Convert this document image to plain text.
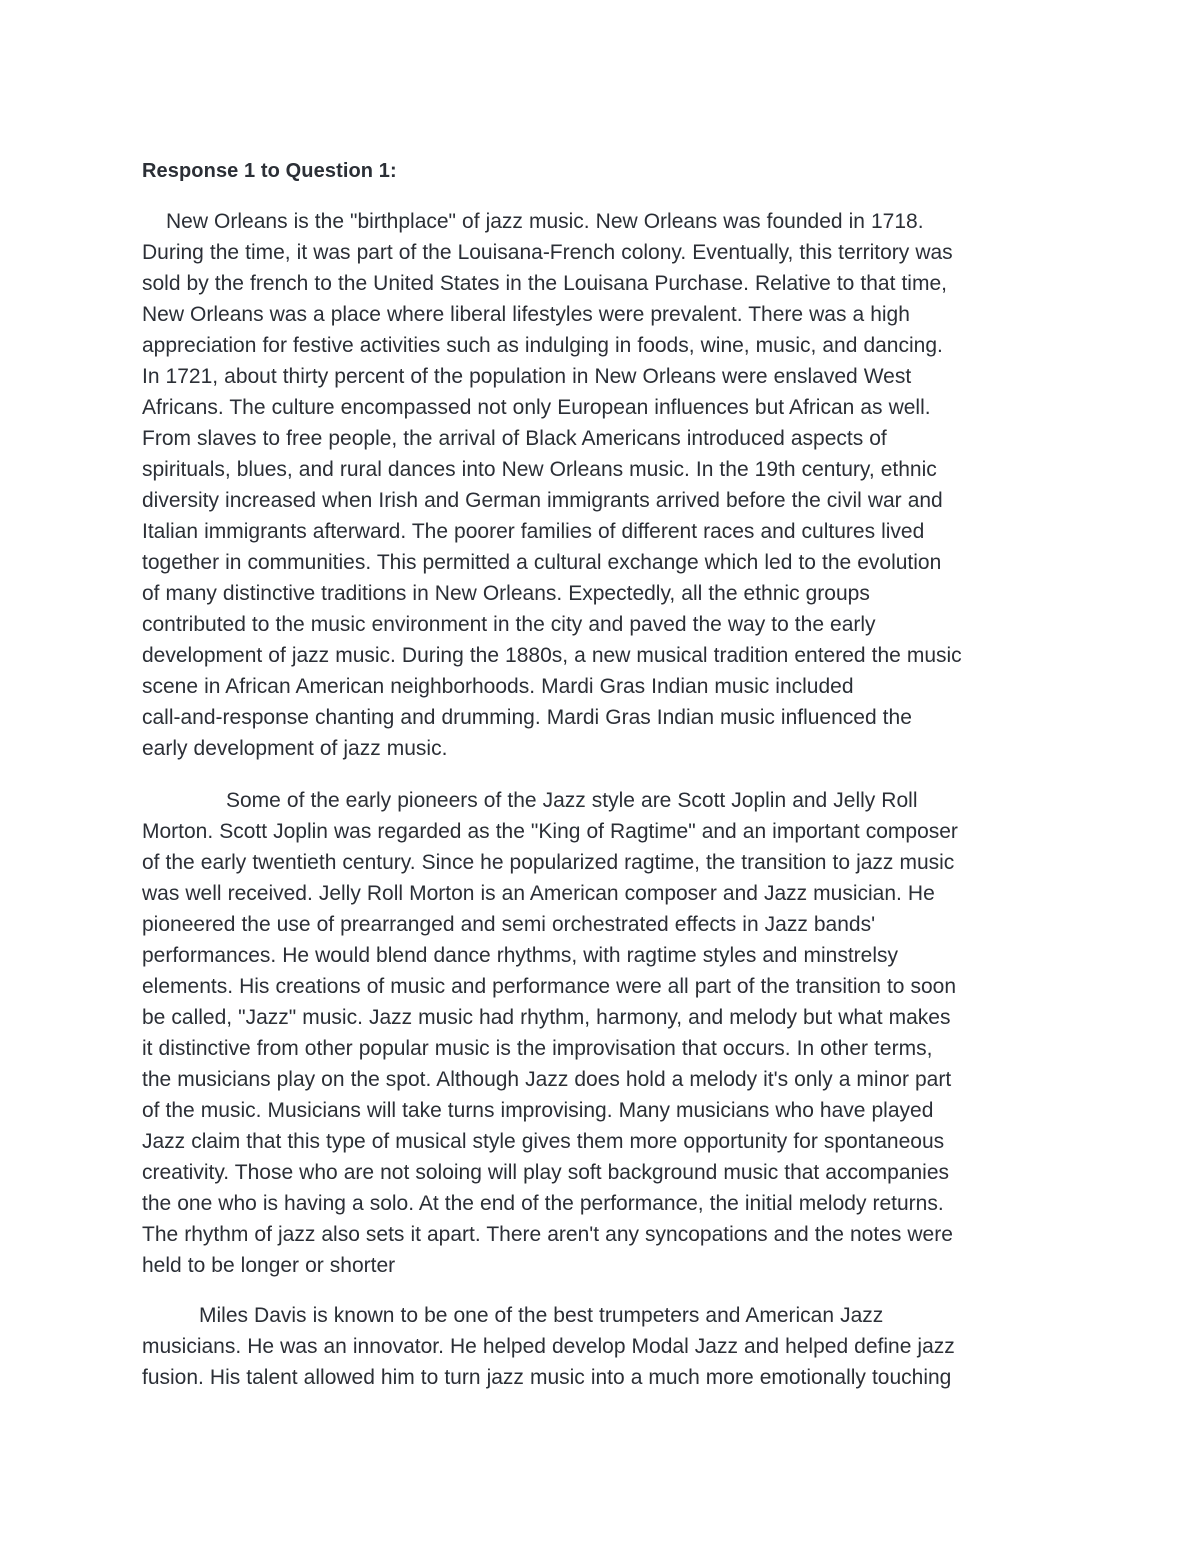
Response 1 to Question 1:

New Orleans is the "birthplace" of jazz music. New Orleans was founded in 1718.
During the time, it was part of the Louisana-French colony. Eventually, this territory was
sold by the french to the United States in the Louisana Purchase. Relative to that time,
New Orleans was a place where liberal lifestyles were prevalent. There was a high
appreciation for festive activities such as indulging in foods, wine, music, and dancing.
In 1721, about thirty percent of the population in New Orleans were enslaved West
Africans. The culture encompassed not only European influences but African as well.
From slaves to free people, the arrival of Black Americans introduced aspects of
spirituals, blues, and rural dances into New Orleans music. In the 19th century, ethnic
diversity increased when Irish and German immigrants arrived before the civil war and
Italian immigrants afterward. The poorer families of different races and cultures lived
together in communities. This permitted a cultural exchange which led to the evolution
of many distinctive traditions in New Orleans. Expectedly, all the ethnic groups
contributed to the music environment in the city and paved the way to the early
development of jazz music. During the 1880s, a new musical tradition entered the music
scene in African American neighborhoods. Mardi Gras Indian music included
call-and-response chanting and drumming. Mardi Gras Indian music influenced the
early development of jazz music.

Some of the early pioneers of the Jazz style are Scott Joplin and Jelly Roll
Morton. Scott Joplin was regarded as the "King of Ragtime" and an important composer
of the early twentieth century. Since he popularized ragtime, the transition to jazz music
was well received. Jelly Roll Morton is an American composer and Jazz musician. He
pioneered the use of prearranged and semi orchestrated effects in Jazz bands'
performances. He would blend dance rhythms, with ragtime styles and minstrelsy
elements. His creations of music and performance were all part of the transition to soon
be called, "Jazz" music. Jazz music had rhythm, harmony, and melody but what makes
it distinctive from other popular music is the improvisation that occurs. In other terms,
the musicians play on the spot. Although Jazz does hold a melody it's only a minor part
of the music. Musicians will take turns improvising. Many musicians who have played
Jazz claim that this type of musical style gives them more opportunity for spontaneous
creativity. Those who are not soloing will play soft background music that accompanies
the one who is having a solo. At the end of the performance, the initial melody returns.
The rhythm of jazz also sets it apart. There aren't any syncopations and the notes were
held to be longer or shorter

Miles Davis is known to be one of the best trumpeters and American Jazz
musicians. He was an innovator. He helped develop Modal Jazz and helped define jazz
fusion. His talent allowed him to turn jazz music into a much more emotionally touching
